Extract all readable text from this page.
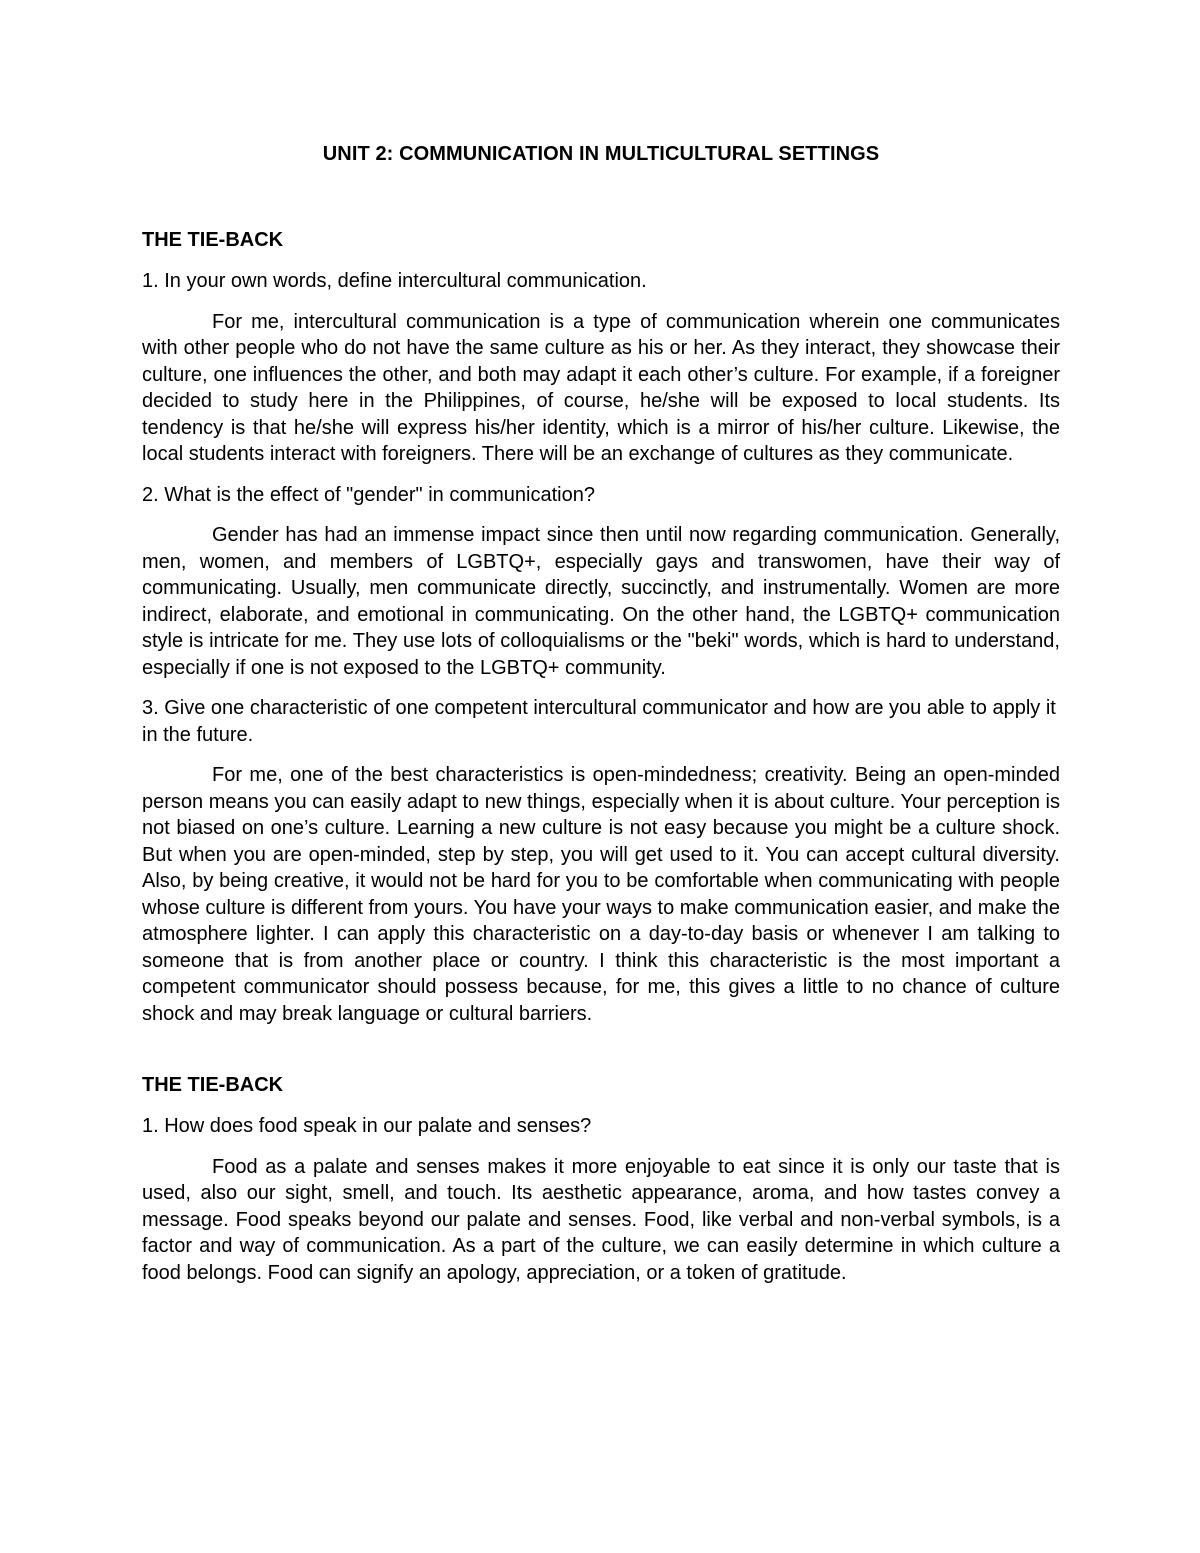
UNIT 2: COMMUNICATION IN MULTICULTURAL SETTINGS
THE TIE-BACK
1. In your own words, define intercultural communication.
For me, intercultural communication is a type of communication wherein one communicates with other people who do not have the same culture as his or her. As they interact, they showcase their culture, one influences the other, and both may adapt it each other’s culture. For example, if a foreigner decided to study here in the Philippines, of course, he/she will be exposed to local students. Its tendency is that he/she will express his/her identity, which is a mirror of his/her culture. Likewise, the local students interact with foreigners. There will be an exchange of cultures as they communicate.
2. What is the effect of "gender" in communication?
Gender has had an immense impact since then until now regarding communication. Generally, men, women, and members of LGBTQ+, especially gays and transwomen, have their way of communicating. Usually, men communicate directly, succinctly, and instrumentally. Women are more indirect, elaborate, and emotional in communicating. On the other hand, the LGBTQ+ communication style is intricate for me. They use lots of colloquialisms or the "beki" words, which is hard to understand, especially if one is not exposed to the LGBTQ+ community.
3. Give one characteristic of one competent intercultural communicator and how are you able to apply it in the future.
For me, one of the best characteristics is open-mindedness; creativity. Being an open-minded person means you can easily adapt to new things, especially when it is about culture. Your perception is not biased on one’s culture. Learning a new culture is not easy because you might be a culture shock. But when you are open-minded, step by step, you will get used to it. You can accept cultural diversity. Also, by being creative, it would not be hard for you to be comfortable when communicating with people whose culture is different from yours. You have your ways to make communication easier, and make the atmosphere lighter. I can apply this characteristic on a day-to-day basis or whenever I am talking to someone that is from another place or country. I think this characteristic is the most important a competent communicator should possess because, for me, this gives a little to no chance of culture shock and may break language or cultural barriers.
THE TIE-BACK
1. How does food speak in our palate and senses?
Food as a palate and senses makes it more enjoyable to eat since it is only our taste that is used, also our sight, smell, and touch. Its aesthetic appearance, aroma, and how tastes convey a message. Food speaks beyond our palate and senses. Food, like verbal and non-verbal symbols, is a factor and way of communication. As a part of the culture, we can easily determine in which culture a food belongs. Food can signify an apology, appreciation, or a token of gratitude.
